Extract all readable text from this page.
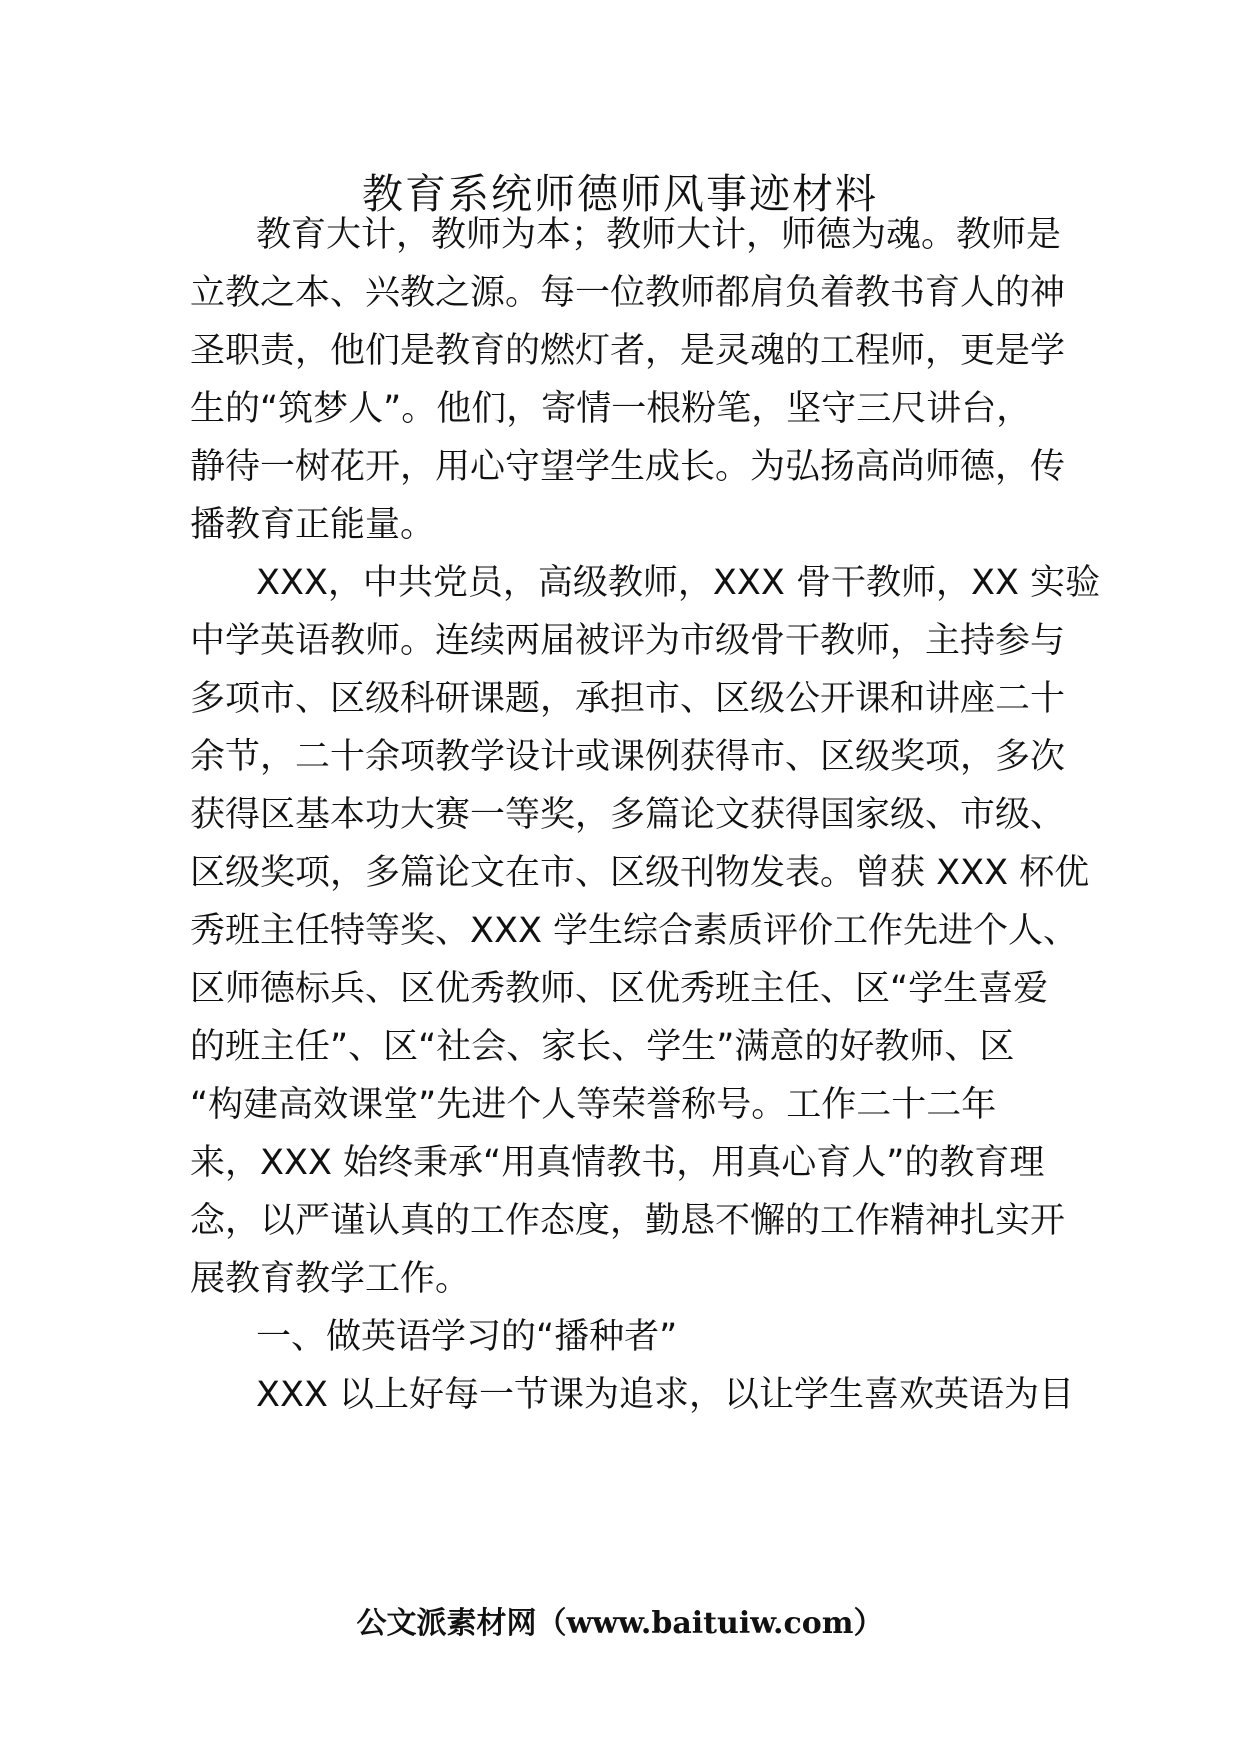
教育系统师德师风事迹材料
教育大计，教师为本；教师大计，师德为魂。教师是
立教之本、兴教之源。每一位教师都肩负着教书育人的神
圣职责，他们是教育的燃灯者，是灵魂的工程师，更是学
生的“筑梦人”。他们，寄情一根粉笔，坚守三尺讲台，
静待一树花开，用心守望学生成长。为弘扬高尚师德，传
播教育正能量。
XXX，中共党员，高级教师，XXX 骨干教师，XX 实验
中学英语教师。连续两届被评为市级骨干教师，主持参与
多项市、区级科研课题，承担市、区级公开课和讲座二十
余节，二十余项教学设计或课例获得市、区级奖项，多次
获得区基本功大赛一等奖，多篇论文获得国家级、市级、
区级奖项，多篇论文在市、区级刊物发表。曾获 XXX 杯优
秀班主任特等奖、XXX 学生综合素质评价工作先进个人、
区师德标兵、区优秀教师、区优秀班主任、区“学生喜爱
的班主任”、区“社会、家长、学生”满意的好教师、区
“构建高效课堂”先进个人等荣誉称号。工作二十二年
来，XXX 始终秉承“用真情教书，用真心育人”的教育理
念，以严谨认真的工作态度，勤恳不懈的工作精神扎实开
展教育教学工作。
一、做英语学习的“播种者”
XXX 以上好每一节课为追求，以让学生喜欢英语为目
公文派素材网（www.baituiw.com）
